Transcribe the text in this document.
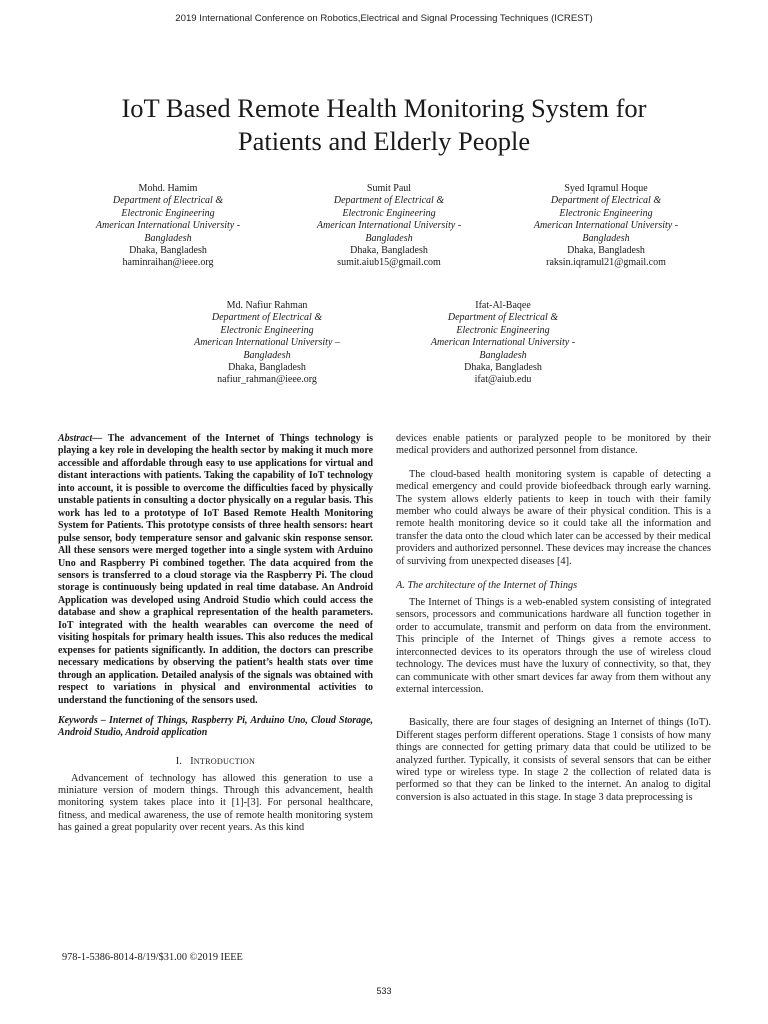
2019 International Conference on Robotics,Electrical and Signal Processing Techniques (ICREST)
IoT Based Remote Health Monitoring System for
Patients and Elderly People
Mohd. Hamim
Department of Electrical &
Electronic Engineering
American International University -
Bangladesh
Dhaka, Bangladesh
haminraihan@ieee.org
Sumit Paul
Department of Electrical &
Electronic Engineering
American International University -
Bangladesh
Dhaka, Bangladesh
sumit.aiub15@gmail.com
Syed Iqramul Hoque
Department of Electrical &
Electronic Engineering
American International University -
Bangladesh
Dhaka, Bangladesh
raksin.iqramul21@gmail.com
Md. Nafiur Rahman
Department of Electrical &
Electronic Engineering
American International University –
Bangladesh
Dhaka, Bangladesh
nafiur_rahman@ieee.org
Ifat-Al-Baqee
Department of Electrical &
Electronic Engineering
American International University -
Bangladesh
Dhaka, Bangladesh
ifat@aiub.edu

Abstract— The advancement of the Internet of Things technology is playing a key role in developing the health sector by making it much more accessible and affordable through easy to use applications for virtual and distant interactions with patients. Taking the capability of IoT technology into account, it is possible to overcome the difficulties faced by physically unstable patients in consulting a doctor physically on a regular basis. This work has led to a prototype of IoT Based Remote Health Monitoring System for Patients. This prototype consists of three health sensors: heart pulse sensor, body temperature sensor and galvanic skin response sensor. All these sensors were merged together into a single system with Arduino Uno and Raspberry Pi combined together. The data acquired from the sensors is transferred to a cloud storage via the Raspberry Pi. The cloud storage is continuously being updated in real time database. An Android Application was developed using Android Studio which could access the database and show a graphical representation of the health parameters. IoT integrated with the health wearables can overcome the need of visiting hospitals for primary health issues. This also reduces the medical expenses for patients significantly. In addition, the doctors can prescribe necessary medications by observing the patient’s health stats over time through an application. Detailed analysis of the signals was obtained with respect to variations in physical and environmental activities to understand the functioning of the sensors used.

Keywords – Internet of Things, Raspberry Pi, Arduino Uno, Cloud Storage, Android Studio, Android application

I. INTRODUCTION

Advancement of technology has allowed this generation to use a miniature version of modern things. Through this advancement, health monitoring system takes place into it [1]-[3]. For personal healthcare, fitness, and medical awareness, the use of remote health monitoring system has gained a great popularity over recent years. As this kind

devices enable patients or paralyzed people to be monitored by their medical providers and authorized personnel from distance.

The cloud-based health monitoring system is capable of detecting a medical emergency and could provide biofeedback through early warning. The system allows elderly patients to keep in touch with their family member who could always be aware of their physical condition. This is a remote health monitoring device so it could take all the information and transfer the data onto the cloud which later can be accessed by their medical providers and authorized personnel. These devices may increase the chances of surviving from unexpected diseases [4].

A. The architecture of the Internet of Things

The Internet of Things is a web-enabled system consisting of integrated sensors, processors and communications hardware all function together in order to accumulate, transmit and perform on data from the environment. This principle of the Internet of Things gives a remote access to interconnected devices to its operators through the use of wireless cloud technology. The devices must have the luxury of connectivity, so that, they can communicate with other smart devices far away from them without any external intercession.

Basically, there are four stages of designing an Internet of things (IoT). Different stages perform different operations. Stage 1 consists of how many things are connected for getting primary data that could be utilized to be analyzed further. Typically, it consists of several sensors that can be either wired type or wireless type. In stage 2 the collection of related data is performed so that they can be linked to the internet. An analog to digital conversion is also actuated in this stage. In stage 3 data preprocessing is

978-1-5386-8014-8/19/$31.00 ©2019 IEEE
533
